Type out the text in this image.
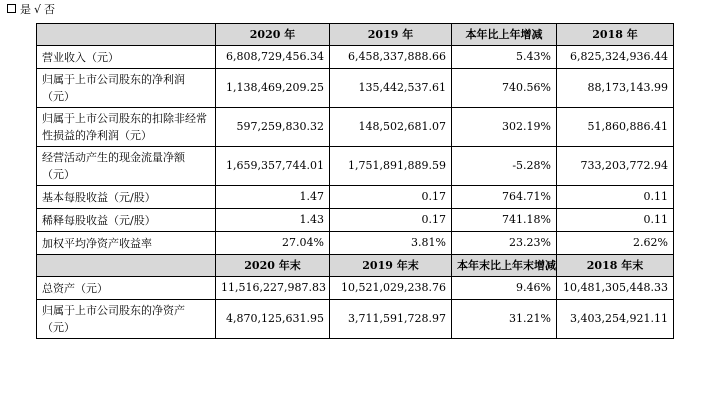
是 √ 否
	2020 年	2019 年	本年比上年增减	2018 年
营业收入（元）	6,808,729,456.34	6,458,337,888.66	5.43%	6,825,324,936.44
归属于上市公司股东的净利润（元）	1,138,469,209.25	135,442,537.61	740.56%	88,173,143.99
归属于上市公司股东的扣除非经常性损益的净利润（元）	597,259,830.32	148,502,681.07	302.19%	51,860,886.41
经营活动产生的现金流量净额（元）	1,659,357,744.01	1,751,891,889.59	-5.28%	733,203,772.94
基本每股收益（元/股）	1.47	0.17	764.71%	0.11
稀释每股收益（元/股）	1.43	0.17	741.18%	0.11
加权平均净资产收益率	27.04%	3.81%	23.23%	2.62%
	2020 年末	2019 年末	本年末比上年末增减	2018 年末
总资产（元）	11,516,227,987.83	10,521,029,238.76	9.46%	10,481,305,448.33
归属于上市公司股东的净资产（元）	4,870,125,631.95	3,711,591,728.97	31.21%	3,403,254,921.11
